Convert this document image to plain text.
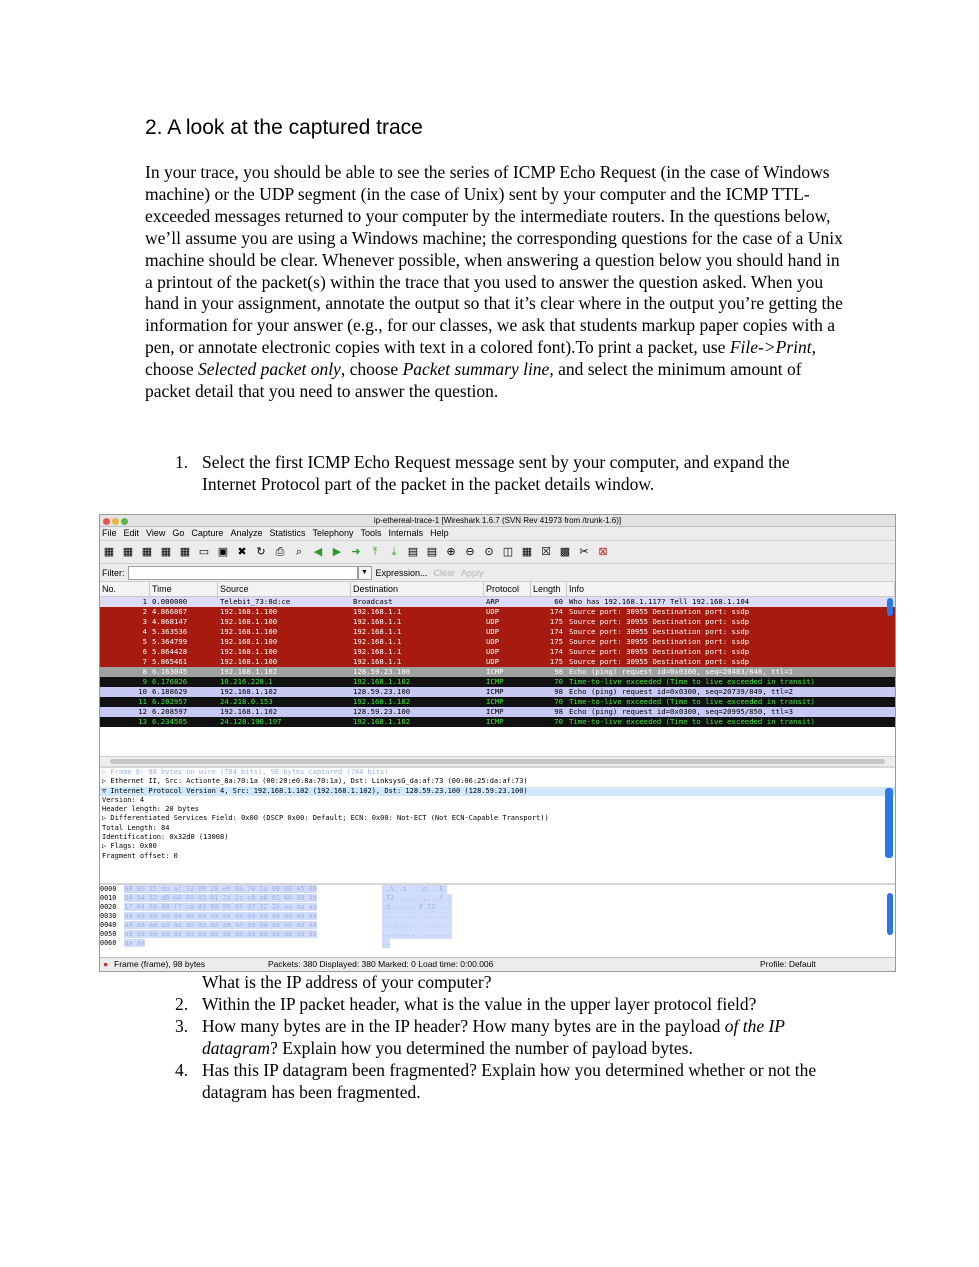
2. A look at the captured trace
In your trace, you should be able to see the series of ICMP Echo Request (in the case of Windows machine) or the UDP segment (in the case of Unix) sent by your computer and the ICMP TTL-exceeded messages returned to your computer by the intermediate routers. In the questions below, we’ll assume you are using a Windows machine; the corresponding questions for the case of a Unix machine should be clear. Whenever possible, when answering a question below you should hand in a printout of the packet(s) within the trace that you used to answer the question asked. When you hand in your assignment, annotate the output so that it’s clear where in the output you’re getting the information for your answer (e.g., for our classes, we ask that students markup paper copies with a pen, or annotate electronic copies with text in a colored font).To print a packet, use File->Print, choose Selected packet only, choose Packet summary line, and select the minimum amount of packet detail that you need to answer the question.
1. Select the first ICMP Echo Request message sent by your computer, and expand the Internet Protocol part of the packet in the packet details window.
ip-ethereal-trace-1 [Wireshark 1.6.7 (SVN Rev 41973 from /trunk-1.6)]
File Edit View Go Capture Analyze Statistics Telephony Tools Internals Help
▦ ▦ ▦ ▦ ▦ ▭ ▣ ✖ ↻ ⎙	⌕	◀ ▶ ➜	⤒	⤓	▤ ▤ ⊕ ⊖ ⊙ ◫ ▦ ☒ ▩ ✂ ⊠
Filter:	▼ Expression... Clear Apply
No.	Time	Source	Destination	Protocol	Length Info
1 0.000000	Telebit_73:8d:ce	Broadcast	ARP	60 Who has 192.168.1.117? Tell 192.168.1.104
2 4.866867	192.168.1.100	192.168.1.1	UDP	174 Source port: 30955 Destination port: ssdp
3 4.868147	192.168.1.100	192.168.1.1	UDP	175 Source port: 30955 Destination port: ssdp
4 5.363536	192.168.1.100	192.168.1.1	UDP	174 Source port: 30955 Destination port: ssdp
5 5.364799	192.168.1.100	192.168.1.1	UDP	175 Source port: 30955 Destination port: ssdp
6 5.864428	192.168.1.100	192.168.1.1	UDP	174 Source port: 30955 Destination port: ssdp
7 5.865461	192.168.1.100	192.168.1.1	UDP	175 Source port: 30955 Destination port: ssdp
8 6.163045	192.168.1.102	128.59.23.100	ICMP	98 Echo (ping) request id=0x0300, seq=20483/848, ttl=1
9 6.176826	10.216.228.1	192.168.1.102	ICMP	70 Time-to-live exceeded (Time to live exceeded in transit)
10 6.188629	192.168.1.102	128.59.23.100	ICMP	98 Echo (ping) request id=0x0300, seq=20739/849, ttl=2
11 6.202957	24.218.0.153	192.168.1.102	ICMP	70 Time-to-live exceeded (Time to live exceeded in transit)
12 6.208597	192.168.1.102	128.59.23.100	ICMP	98 Echo (ping) request id=0x0300, seq=20995/850, ttl=3
13 6.234505	24.128.190.197	192.168.1.102	ICMP	70 Time-to-live exceeded (Time to live exceeded in transit)
▷ Frame 8: 98 bytes on wire (784 bits), 98 bytes captured (784 bits)
▷ Ethernet II, Src: Actionte_8a:70:1a (00:20:e0:8a:70:1a), Dst: LinksysG_da:af:73 (00:06:25:da:af:73)
▽ Internet Protocol Version 4, Src: 192.168.1.102 (192.168.1.102), Dst: 128.59.23.100 (128.59.23.100)
Version: 4
Header length: 20 bytes
▷ Differentiated Services Field: 0x00 (DSCP 0x00: Default; ECN: 0x00: Not-ECT (Not ECN-Capable Transport))
Total Length: 84
Identification: 0x32d0 (13008)
▷ Flags: 0x00
Fragment offset: 0
0000 00 06 25 da af 73 00 20 e0 8a 70 1a 08 00 45 00	..%..s. ..p...E.
0010 00 54 32 d0 00 00 01 01 2d 2c c0 a8 01 66 80 3b	.T2..... -,...f.;
0020 17 64 08 00 f7 ca 03 00 50 03 37 32 20 aa aa aa	.d...... P.72 ...
0030 aa aa aa aa aa aa aa aa aa aa aa aa aa aa aa aa	........ ........
0040 aa aa aa aa aa aa aa aa aa aa aa aa aa aa aa aa	........ ........
0050 aa aa aa aa aa aa aa aa aa aa aa aa aa aa aa aa	........ ........
0060 aa aa	..
● Frame (frame), 98 bytes	Packets: 380 Displayed: 380 Marked: 0 Load time: 0:00.006	Profile: Default
What is the IP address of your computer?
2. Within the IP packet header, what is the value in the upper layer protocol field?
3. How many bytes are in the IP header? How many bytes are in the payload of the IP datagram? Explain how you determined the number of payload bytes.
4. Has this IP datagram been fragmented? Explain how you determined whether or not the datagram has been fragmented.
